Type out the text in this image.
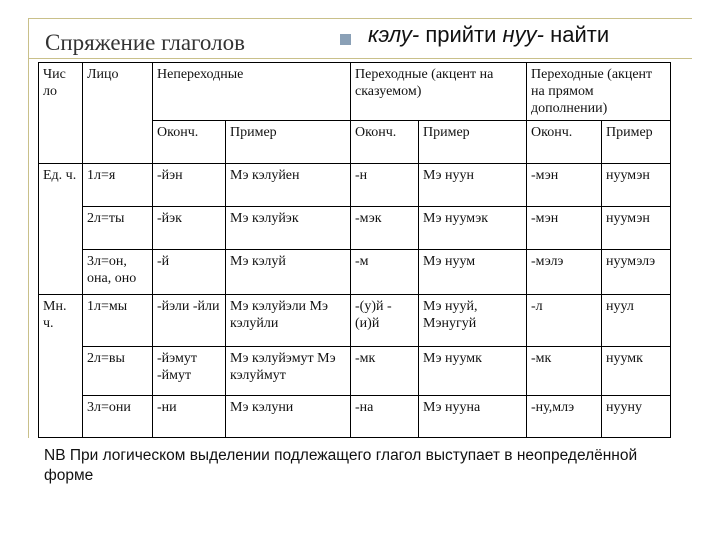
Спряжение глаголов	кэлу- прийти нуу- найти
Чис ло	Лицо	Непереходные		Переходные (акцент на сказуемом)		Переходные (акцент на прямом дополнении)	
		Оконч.	Пример	Оконч.	Пример	Оконч.	Пример
Ед. ч.	1л=я	-йэн	Мэ кэлуйен	-н	Мэ нуун	-мэн	нуумэн
	2л=ты	-йэк	Мэ кэлуйэк	-мэк	Мэ нуумэк	-мэн	нуумэн
	3л=он, она, оно	-й	Мэ кэлуй	-м	Мэ нуум	-мэлэ	нуумэлэ
Мн. ч.	1л=мы	-йэли -йли	Мэ кэлуйэли Мэ кэлуйли	-(у)й -(и)й	Мэ нууй, Мэнугуй	-л	нуул
	2л=вы	-йэмут -ймут	Мэ кэлуйэмут Мэ кэлуймут	-мк	Мэ нуумк	-мк	нуумк
	3л=они	-ни	Мэ кэлуни	-на	Мэ нууна	-ну,млэ	нууну
NB При логическом выделении подлежащего глагол выступает в неопределённой форме
